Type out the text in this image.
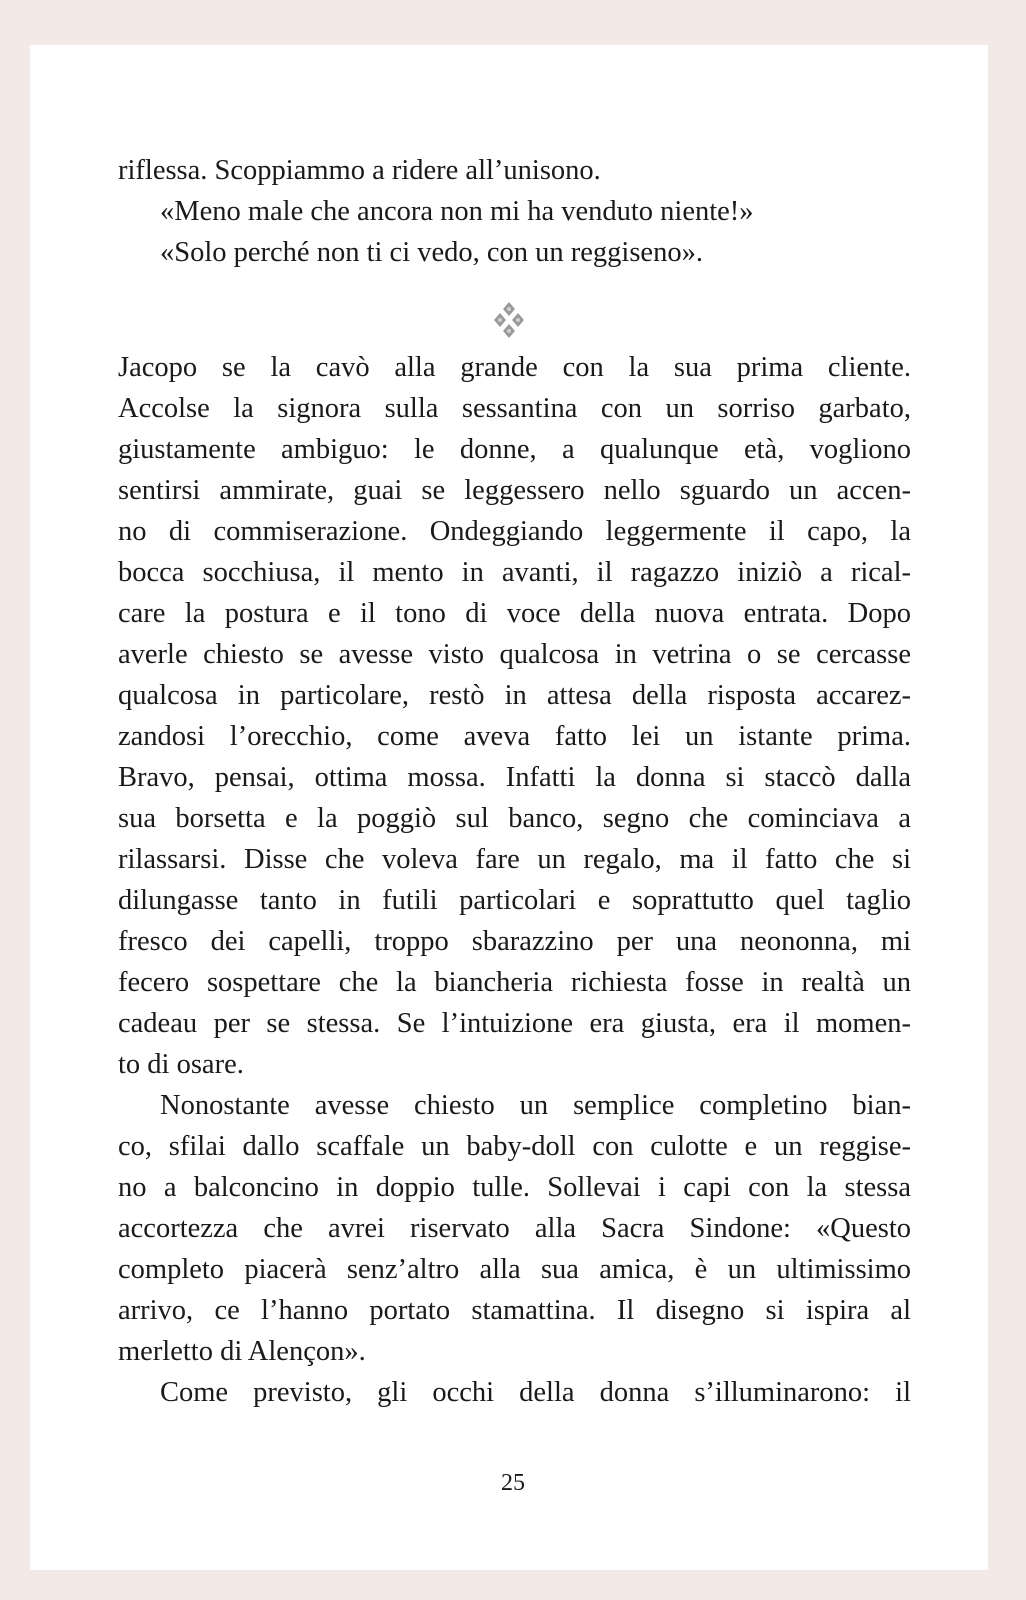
riflessa. Scoppiammo a ridere all’unisono.
«Meno male che ancora non mi ha venduto niente!»
«Solo perché non ti ci vedo, con un reggiseno».
Jacopo se la cavò alla grande con la sua prima cliente.
Accolse la signora sulla sessantina con un sorriso garbato,
giustamente ambiguo: le donne, a qualunque età, vogliono
sentirsi ammirate, guai se leggessero nello sguardo un accen-
no di commiserazione. Ondeggiando leggermente il capo, la
bocca socchiusa, il mento in avanti, il ragazzo iniziò a rical-
care la postura e il tono di voce della nuova entrata. Dopo
averle chiesto se avesse visto qualcosa in vetrina o se cercasse
qualcosa in particolare, restò in attesa della risposta accarez-
zandosi l’orecchio, come aveva fatto lei un istante prima.
Bravo, pensai, ottima mossa. Infatti la donna si staccò dalla
sua borsetta e la poggiò sul banco, segno che cominciava a
rilassarsi. Disse che voleva fare un regalo, ma il fatto che si
dilungasse tanto in futili particolari e soprattutto quel taglio
fresco dei capelli, troppo sbarazzino per una neononna, mi
fecero sospettare che la biancheria richiesta fosse in realtà un
cadeau per se stessa. Se l’intuizione era giusta, era il momen-
to di osare.
Nonostante avesse chiesto un semplice completino bian-
co, sfilai dallo scaffale un baby-doll con culotte e un reggise-
no a balconcino in doppio tulle. Sollevai i capi con la stessa
accortezza che avrei riservato alla Sacra Sindone: «Questo
completo piacerà senz’altro alla sua amica, è un ultimissimo
arrivo, ce l’hanno portato stamattina. Il disegno si ispira al
merletto di Alençon».
Come previsto, gli occhi della donna s’illuminarono: il
25
